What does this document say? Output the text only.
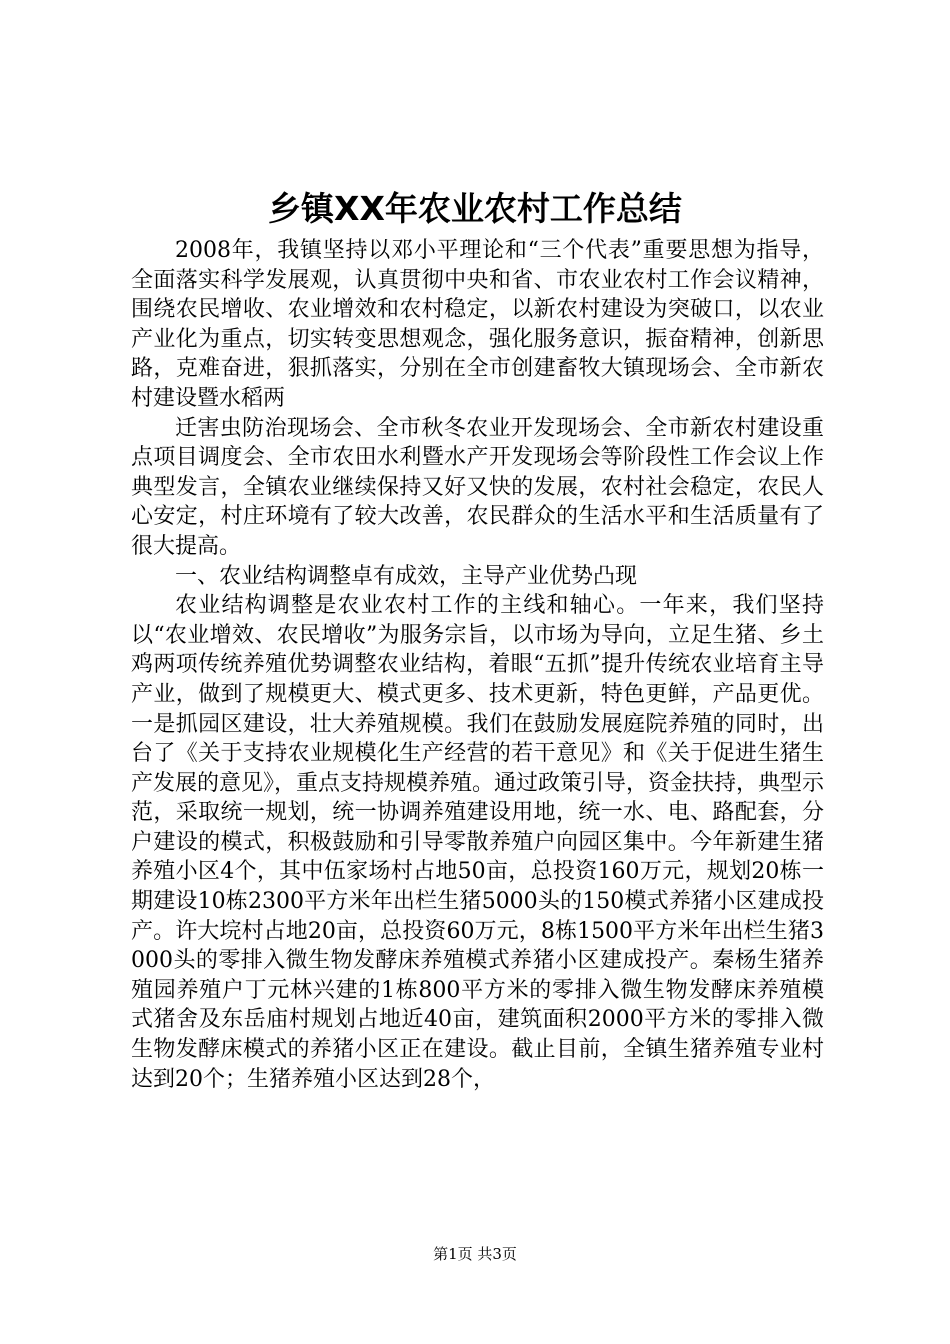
乡镇XX年农业农村工作总结

2008年，我镇坚持以邓小平理论和“三个代表”重要思想为指导，全面落实科学发展观，认真贯彻中央和省、市农业农村工作会议精神，围绕农民增收、农业增效和农村稳定，以新农村建设为突破口，以农业产业化为重点，切实转变思想观念，强化服务意识，振奋精神，创新思路，克难奋进，狠抓落实，分别在全市创建畜牧大镇现场会、全市新农村建设暨水稻两

迁害虫防治现场会、全市秋冬农业开发现场会、全市新农村建设重点项目调度会、全市农田水利暨水产开发现场会等阶段性工作会议上作典型发言，全镇农业继续保持又好又快的发展，农村社会稳定，农民人心安定，村庄环境有了较大改善，农民群众的生活水平和生活质量有了很大提高。

一、农业结构调整卓有成效，主导产业优势凸现

农业结构调整是农业农村工作的主线和轴心。一年来，我们坚持以“农业增效、农民增收”为服务宗旨，以市场为导向，立足生猪、乡土鸡两项传统养殖优势调整农业结构，着眼“五抓”提升传统农业培育主导产业，做到了规模更大、模式更多、技术更新，特色更鲜，产品更优。一是抓园区建设，壮大养殖规模。我们在鼓励发展庭院养殖的同时，出台了《关于支持农业规模化生产经营的若干意见》和《关于促进生猪生产发展的意见》，重点支持规模养殖。通过政策引导，资金扶持，典型示范，采取统一规划，统一协调养殖建设用地，统一水、电、路配套，分户建设的模式，积极鼓励和引导零散养殖户向园区集中。今年新建生猪养殖小区4个，其中伍家场村占地50亩，总投资160万元，规划20栋一期建设10栋2300平方米年出栏生猪5000头的150模式养猪小区建成投产。许大垸村占地20亩，总投资60万元，8栋1500平方米年出栏生猪3000头的零排入微生物发酵床养殖模式养猪小区建成投产。秦杨生猪养殖园养殖户丁元林兴建的1栋800平方米的零排入微生物发酵床养殖模式猪舍及东岳庙村规划占地近40亩，建筑面积2000平方米的零排入微生物发酵床模式的养猪小区正在建设。截止目前，全镇生猪养殖专业村达到20个；生猪养殖小区达到28个，

第1页 共3页
